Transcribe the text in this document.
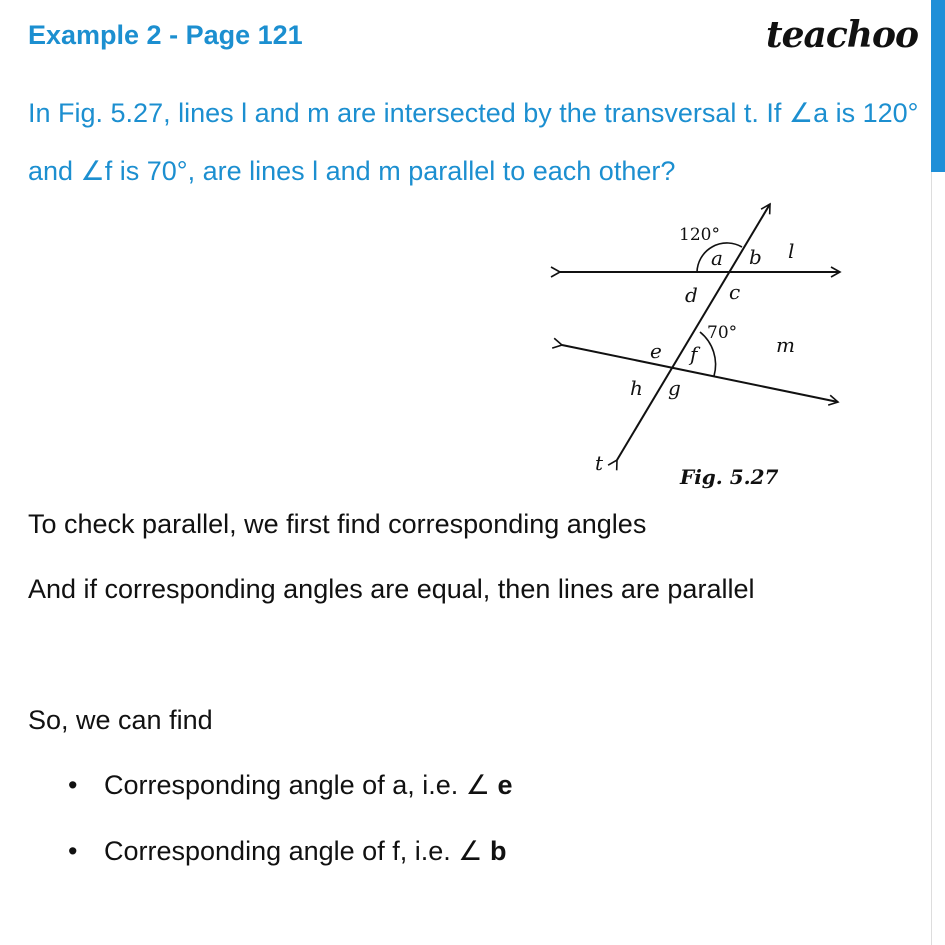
Example 2 - Page 121	teachoo
In Fig. 5.27, lines l and m are intersected by the transversal t. If ∠a is 120° and ∠f is 70°, are lines l and m parallel to each other?
120°
a b l
d c
70°
e f	m
h g
t
Fig. 5.27
To check parallel, we first find corresponding angles
And if corresponding angles are equal, then lines are parallel
So, we can find
• Corresponding angle of a, i.e. ∠ e
• Corresponding angle of f, i.e. ∠ b
